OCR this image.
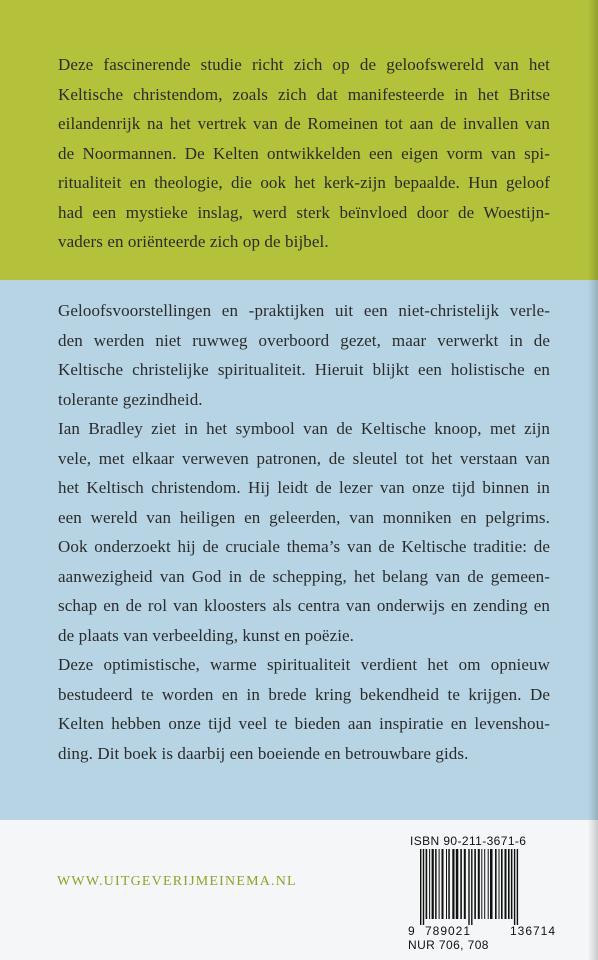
Deze fascinerende studie richt zich op de geloofswereld van het
Keltische christendom, zoals zich dat manifesteerde in het Britse
eilandenrijk na het vertrek van de Romeinen tot aan de invallen van
de Noormannen. De Kelten ontwikkelden een eigen vorm van spi-
ritualiteit en theologie, die ook het kerk-zijn bepaalde. Hun geloof
had een mystieke inslag, werd sterk beïnvloed door de Woestijn-
vaders en oriënteerde zich op de bijbel.
Geloofsvoorstellingen en -praktijken uit een niet-christelijk verle-
den werden niet ruwweg overboord gezet, maar verwerkt in de
Keltische christelijke spiritualiteit. Hieruit blijkt een holistische en
tolerante gezindheid.
Ian Bradley ziet in het symbool van de Keltische knoop, met zijn
vele, met elkaar verweven patronen, de sleutel tot het verstaan van
het Keltisch christendom. Hij leidt de lezer van onze tijd binnen in
een wereld van heiligen en geleerden, van monniken en pelgrims.
Ook onderzoekt hij de cruciale thema’s van de Keltische traditie: de
aanwezigheid van God in de schepping, het belang van de gemeen-
schap en de rol van kloosters als centra van onderwijs en zending en
de plaats van verbeelding, kunst en poëzie.
Deze optimistische, warme spiritualiteit verdient het om opnieuw
bestudeerd te worden en in brede kring bekendheid te krijgen. De
Kelten hebben onze tijd veel te bieden aan inspiratie en levenshou-
ding. Dit boek is daarbij een boeiende en betrouwbare gids.
WWW.UITGEVERIJMEINEMA.NL
ISBN 90-211-3671-6
9 789021	136714
NUR 706, 708
